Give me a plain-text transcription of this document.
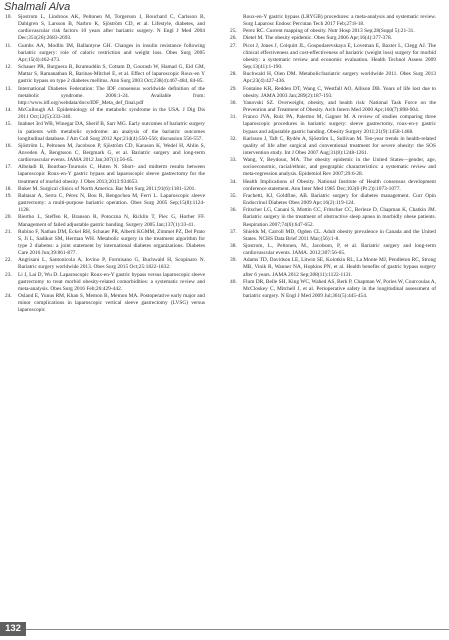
Shalmali Alva
10.	Sjostrom L, Lindroos AK, Peltonen M, Torgerson J, Bouchard C, Carlsson B, Dahlgren S, Larsson B, Narbro K, Sjöström CD, et al. Lifestyle, diabetes, and cardiovascular risk factors 10 years after bariatric surgery. N Engl J Med 2004 Dec;351(26):2683-2693.
11.	Gumbs AA, Modlin IM, Ballantyne GH. Changes in insulin resistance following bariatric surgery: role of caloric restriction and weight loss. Obes Surg 2005 Apr;15(4):462-473.
12.	Schauer PR, Burguera B, Ikramuddin S, Cottam D, Gourash W, Hamad G, Eid GM, Mattar S, Ramanathan R, Barinas-Mitchel E, et al. Effect of laparoscopic Roux-en Y gastric bypass on type 2 diabetes mellitus. Ann Surg 2003 Oct;238(4):467-484, 84-85.
13.	International Diabetes Federation: The IDF consensus worldwide definition of the metabolic syndrome. 2006:1-24. Available from: http://www.idf.org/webdata/docs/IDF_Meta_def_final.pdf
14.	McCullough AJ. Epidemiology of the metabolic syndrome in the USA. J Dig Dis 2011 Oct;12(5):333-340.
15.	Inabnet 3rd WB, Winegar DA, Sherif B, Sarr MG. Early outcomes of bariatric surgery in patients with metabolic syndrome: an analysis of the bariatric outcomes longitudinal database. J Am Coll Surg 2012 Apr;214(4):550-556; discussion 556-557.
16.	Sjöström L, Peltonen M, Jacobson P, Sjöström CD, Karason K, Wedel H, Ahlin S, Anveden Å, Bengtsson C, Bergmark G, et al. Bariatric surgery and long-term cardiovascular events. JAMA 2012 Jan;307(1):56-65.
17.	Albeladi B, Bourbao-Tournois C, Huten N. Short- and midterm results between laparoscopic Roux-en-Y gastric bypass and laparoscopic sleeve gastrectomy for the treatment of morbid obesity. J Obes 2013;2013:934653.
18.	Buker M. Surgical clinics of North America. Bar Met Surg 2011;91(6):1181-1201.
19.	Baltasar A, Serra C, Pérez N, Bou R, Bengochea M, Ferri L. Laparoscopic sleeve gastrectomy: a multi-purpose bariatric operation. Obes Surg 2005 Sep;15(8):1124-1128.
20.	Biertho L, Steffen R, Branson R, Potoczna N, Ricklin T, Piec G, Horber FF. Management of failed adjustable gastric banding. Surgery 2005 Jan;137(1):33-41.
21.	Rubino F, Nathan DM, Eckel RH, Schauer PR, Alberti KGMM, Zimmet PZ, Del Prato S, Ji L, Sadikot SM, Herman WH. Metabolic surgery in the treatment algorithm for type 2 diabetes: a joint statement by international diabetes organizations. Diabetes Care 2016 Jun;39:861-877.
22.	Angrisani L, Santonicola A, Iovino P, Formisano G, Buchwald H, Scopinaro N. Bariatric surgery worldwide 2013. Obes Surg 2015 Oct;25:1822-1832.
23.	Li J, Lai D, Wu D. Laparoscopic Roux-en-Y gastric bypass versus laparoscopic sleeve gastrectomy to treat morbid obesity-related comorbidities: a systematic review and meta-analysis. Obes Surg 2016 Feb;26:429-442.
24.	Osland E, Yunus RM, Khan S, Memon B, Memon MA. Postoperative early major and minor complications in laparoscopic vertical sleeve gastrectomy (LVSG) versus laparoscopic
Roux-en-Y gastric bypass (LRYGB) procedures: a meta-analysis and systematic review. Surg Laparosc Endosc Percutan Tech 2017 Feb;27:8-18.
25.	Perez RC. Current mapping of obesity. Nutr Hosp 2013 Sep;28(Suppl 5):21-31.
26.	Dietel M. The obesity epidemic. Obes Surg 2006 Apr;16(4):377-378.
27.	Picot J, Jones J, Colquitt JL, Gospodarevskaya E, Loveman E, Baxter L, Clegg AJ. The clinical effectiveness and cost-effectiveness of bariatric (weight loss) surgery for morbid obesity: a systematic review and economic evaluation. Health Technol Assess 2009 Sep;13(41):1-190.
28.	Buchwald H, Oien DM. Metabolic/bariatric surgery worldwide 2011. Obes Surg 2013 Apr;23(4):427-436.
29.	Fontaine KR, Redden DT, Wang C, Westfall AO, Allison DB. Years of life lost due to obesity. JAMA 2003 Jan;289(2):187-193.
30.	Yanovski SZ. Overweight, obesity, and health risk: National Task Force on the Prevention and Treatment of Obesity. Arch Intern Med 2000 Apr;160(7):898-904.
31.	Franco JVA, Ruiz PA, Palermo M, Gagner M. A review of studies comparing three laparoscopic procedures in bariatric surgery: sleeve gastrectomy, roux-en-y gastric bypass and adjustable gastric banding. Obesity Surgery 2011;21(9):1458-1468.
32.	Karlsson J, Taft C, Rydén A, Sjöström L, Sullivan M. Ten-year trends in health-related quality of life after surgical and conventional treatment for severe obesity: the SOS intervention study. Int J Obes 2007 Aug;31(8):1248-1261.
33.	Wang, Y, Beydoun, MA. The obesity epidemic in the United States—gender, age, socioeconomic, racial/ethnic, and geographic characteristics: a systematic review and meta-regression analysis. Epidemiol Rev 2007;29:6-28.
34.	Health Implications of Obesity. National Institute of Health consensus development conference statement. Ann Inter Med 1985 Dec;103(6 (Pt 2)):1073-1077.
35.	Frachetti, KJ, Goldfine, AB. Bariatric surgery for diabetes management. Curr Opin Endocrinol Diabetes Obes 2009 Apr;16(2):119-124.
36.	Fritscher LG, Canani S, Mottin CC, Fritscher CC, Berleze D, Chapman K, Chatkin JM. Bariatric surgery in the treatment of obstructive sleep apnea in morbidly obese patients. Respiration 2007;74(6):647-652.
37.	Shields M, Carroll MD, Ogden CL. Adult obesity prevalence in Canada and the United States. NCHS Data Brief 2011 Mar;(56):1-8.
38.	Sjostrom, L., Peltonen, M., Jacobson, P, et al. Bariatric surgery and long-term cardiovascular events. JAMA. 2012;307:56-65.
39.	Adams TD, Davidson LE, Litwin SE, Kolotkin RL, La Monte MJ, Pendleton RC, Strong MB, Vinik R, Wanner NA, Hopkins PN, et al. Health benefits of gastric bypass surgery after 6 years. JAMA 2012 Sep;308(11):1122-1131.
40.	Flum DR, Belle SH, King WC, Wahed AS, Berk P, Chapman W, Pories W, Courcoulas A, McCloskey C, Mitchell J, et al. Perioperative safety in the longitudinal assessment of bariatric surgery. N Engl J Med 2009 Jul;361(5):445-454.
132
